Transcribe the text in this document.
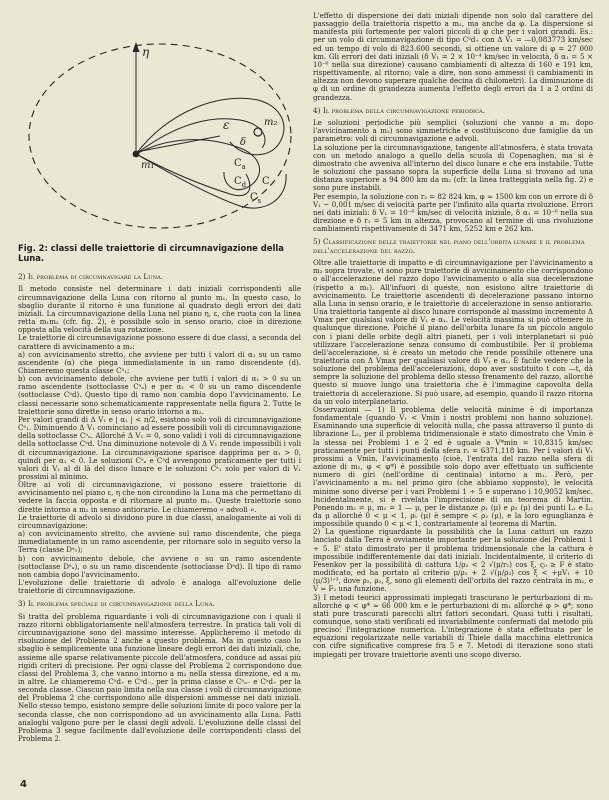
η
ε
m₁
m₂
δ
$C_a$
$C_d$ C
$C_s$
Fig. 2: classi delle traiettorie di circumnavigazione della Luna.

2) Il problema di circumnavigare la Luna.

Il metodo consiste nel determinare i dati iniziali corrispondenti alle circumnavigazione della Luna con ritorno al punto m₁. In questo caso, lo sbaglio durante il ritorno è una funzione al quadrato degli errori dei dati iniziali. La circumnavigazione della Luna nel piano η, ε, che ruota con la linea retta m₁m₂ (cfr. fig. 2), è possibile solo in senso orario, cioè in direzione opposta alla velocità della sua rotazione.

Le traiettorie di circumnavigazione possono essere di due classi, a seconda del carattere di avvicinamento a m₂:

a) con avvicinamento stretto, che avviene per tutti i valori di α₁ su un ramo ascendente (α) che piega immediatamente in un ramo discendente (d). Chiameremo questa classe Cᵃ₁;

b) con avvicinamento debole, che avviene per tutti i valori di α₁ > 0 su un ramo ascendente (sottoclasse Cᵃₐ) e per α₁ < 0 su un ramo discendente (sottoclasse Cᵃd). Questo tipo di ramo non cambia dopo l'avvicinamento. Le classi necessarie sono schematicamente rappresentate nella figura 2. Tutte le traiettorie sono dirette in senso orario intorno a m₂.

Per valori grandi di Δ V₁ e | α₁ | < π/2, esistono solo voli di circumnavigazione Cᵃ₁. Diminuendo Δ V₁ cominciano ad essere possibili voli di circumnavigazione della sottoclasse Cᵃₐ. Allorché Δ V₁ = 0, sono validi i voli di circumnavigazione della sottoclasse Cᵃd. Una diminuzione notevole di Δ V₁ rende impossibili i voli di circumnavigazione. La circumnavigazione sparisce dapprima per α₁ > 0, quindi per α₁ < 0. Le soluzioni Cᵃₐ e Cᵃd avvengono praticamente per tutti i valori di V₁ al di là del disco lunare e le soluzioni Cᵃ₁ solo per valori di V₁ prossimi al minimo.

Oltre ai voli di circumnavigazione, vi possono essere traiettorie di avvicinamento nel piano ε, η che non circondino la Luna ma che permettano di vedere la faccia opposta e di ritornare al punto m₁. Queste traiettorie sono dirette intorno a m₂ in senso antiorario. Le chiameremo « advoli ».

Le traiettorie di advolo si dividono pure in due classi, analogamente ai voli di circumnavigazione:

a) con avvicinamento stretto, che avviene sul ramo discendente, che piega immediatamente in un ramo ascendente, per ritornare solo in seguito verso la Terra (classe Dᵃ₁);

b) con avvicinamento debole, che avviene o su un ramo ascendente (sottoclasse Dᵃₐ), o su un ramo discendente (sottoclasse Dᵃd). Il tipo di ramo non cambia dopo l'avvicinamento.

L'evoluzione delle traiettorie di advolo è analoga all'evoluzione delle traiettorie di circumnavigazione.

3) Il problema speciale di circumnavigazione della Luna.

Si tratta del problema riguardante i voli di circumnavigazione con i quali il razzo ritorni obbligatoriamente nell'atmosfera terrestre. In pratica tali voli di circumnavigazione sono del massimo interesse. Applicheremo il metodo di risoluzione del Problema 2 anche a questo problema. Ma in questo caso lo sbaglio è semplicemente una funzione lineare degli errori dei dati iniziali, che, assieme alle sparse relativamente piccole dell'atmosfera, conduce ad assai più rigidi criteri di precisione. Per ogni classe del Problema 2 corrispondono due classi del Problema 3, che vanno intorno a m₂ nella stessa direzione, ed a m₁ in altre. Le chiameremo Cᵃd₊ e Cᵃd₋, per la prima classe e Cᵃₐ₋ e Cᵃd₊ per la seconda classe. Ciascun paio limita nella sua classe i voli di circumnavigazione del Problema 2 che corrispondono alle dispersioni ammesse nei dati iniziali. Nello stesso tempo, esistono sempre delle soluzioni limite di poco valore per la seconda classe, che non corrispondono ad un avvicinamento alla Luna. Fatti analoghi valgono pure per le classi degli advoli. L'evoluzione delle classi del Problema 3 segue facilmente dall'evoluzione delle corrispondenti classi del Problema 2.

L'effetto di dispersione dei dati iniziali dipende non solo dal carattere del passaggio della traiettoria rispetto a m₁, ma anche da φ. La dispersione si manifesta più fortemente per valori piccoli di φ che per i valori grandi. Es.: per un volo di circumnavigazione di tipo Cᵃd₊ con Δ V₁ = —0,083773 km/sec ed un tempo di volo di 823.600 secondi, si ottiene un valore di φ = 27 000 km. Gli errori dei dati iniziali (δ V₁ = 2 × 10⁻⁴ km/sec in velocità, δ α₁ = 5 × 10⁻⁶ nella sua direzione) causano cambiamenti di altezza di 160 e 191 km, rispettivamente, al ritorno; vale a dire, non sono ammessi (i cambiamenti in altezza non devono superare qualche decina di chilometri). La diminuzione di φ di un ordine di grandezza aumenta l'effetto degli errori da 1 a 2 ordini di grandezza.

4) Il problema della circumnavigazione periodica.

Le soluzioni periodiche più semplici (soluzioni che vanno a m₁ dopo l'avvicinamento a m₂) sono simmetriche e costituiscono due famiglie da un parametro: voli di circumnavigazione e advoli.

La soluzione per la circumnavigazione, tangente all'atmosfera, è stata trovata con un metodo analogo a quello della scuola di Copenaghen, ma si è dimostrato che avveniva all'interno del disco lunare e che era instabile. Tutte le soluzioni che passano sopra la superficie della Luna si trovano ad una distanza superiore a 94 800 km da m₂ (cfr. la linea tratteggiata nella fig. 2) e sono pure instabili.

Per esempio, la soluzione con r₂ = 82 824 km, φ ≈ 1500 km con un errore di δ V₁ ~ 0,001 m/sec di velocità parte per l'infinito alla quarta rivoluzione. Errori nei dati iniziali: δ V₁ = 10⁻⁶ km/sec di velocità iniziale, δ α₁ = 10⁻⁶ nella sua direzione e δ r₁ = 5 km in altezza, provocano al termine di una rivoluzione cambiamenti rispettivamente di 3471 km, 5252 km e 262 km.

5) Classificazione delle traiettorie nel piano dell'orbita lunare e il problema dell'accelerazione del razzo.

Oltre alle traiettorie di impatto e di circumnavigazione per l'avvicinamento a m₂ sopra trovate, vi sono pure traiettorie di avvicinamento che corrispondono o all'accelerazione del razzo dopo l'avvicinamento o alla sua decelerazione (rispetto a m₁). All'infuori di queste, non esistono altre traiettorie di avvicinamento. Le traiettorie ascendenti di decelerazione passano intorno alla Luna in senso orario, e le traiettorie di accelerazione in senso antiorario. Una traiettoria tangente al disco lunare corrisponde al massimo incremento Δ Vmax per qualsiasi valore di V₁ e α₁. Le velocità massima si può ottenere in qualunque direzione. Poiché il piano dell'orbita lunare fa un piccolo angolo con i piani delle orbite degli altri pianeti, per i voli interplanetari si può utilizzare l'accelerazione senza consumo di combustibile. Per il problema dell'accelerazione, si è creato un metodo che rende possibile ottenere una traiettoria con Δ Vmax per qualsiasi valore di V₁ e α₁. È facile vedere che la soluzione del problema dell'accelerazioni, dopo aver sostituito t con —t, dà sempre la soluzione del problema dello stesso frenamento del razzo, allorché questo si muove lungo una traiettoria che è l'immagine capovolta della traiettoria di accelerazione. Si può usare, ad esempio, quando il razzo ritorna da un volo interplanetario.

Osservazioni — 1) Il problema delle velocità minime è di importanza fondamentale (quando V₁ < Vmin i nostri problemi non hanno soluzione). Esaminando una superficie di velocità nulla, che passa attraverso il punto di librazione L₂, per il problema tridimensionale è stato dimostrato che Vmin è la stessa nei Problemi 1 e 2 ed è uguale a V*min = 10,8315 km/sec praticamente per tutti i punti della sfera r₁ = 6371,118 km. Per i valori di V₁ prossimi a Vmin, l'avvicinamento (cioè, l'entrata del razzo nella sfera di azione di m₂, φ < φ*) è possibile solo dopo aver effettuato un sufficiente numero di giri (nell'ordine di centinaia) intorno a m₁. Però, per l'avvicinamento a m₂ nel primo giro (che abbiamo supposto), le velocità minime sono diverse per i vari Problemi 1 ÷ 5 e superano i 10,9052 km/sec. Incidentalmente, si è rivelata l'imprecisione di un teorema di Martin. Ponendo m₂ = μ, m₁ = 1 — μ, per le distanze ρ₁ (μ) e ρ₂ (μ) dei punti L₁ e L₂ da μ allorché 0 < μ < 1, ρ₁ (μ) è sempre < ρ₂ (μ), e la loro eguaglianza è impossibile quando 0 < μ < 1, contrariamente al teorema di Martin.

2) La questione riguardante la possibilità che la Luna catturi un razzo lanciato dalla Terra è ovviamente importante per la soluzione dei Problemi 1 ÷ 5. E' stato dimostrato per il problema tridimensionale che la cattura è impossibile indifferentemente dai dati iniziali. Incidentalmente, il criterio di Fesenkov per la possibilità di cattura 1/ρ₂ < 2 √(μ/r₂) cos ξ, ς₀ ≥ F è stato modificato, ed ha portato al criterio μ/ρ₂ + 2 √(μ/ρ₂) cos ξ < +μV₁ + 10 (μ/3)¹ᐟ³, dove ρ₂, ρ₂, ξ, sono gli elementi dell'orbita del razzo centrata in m₂, e V ≈ F₂ una funzione.

3) I metodi teorici approssimati impiegati trascurano le perturbazioni di m₂ allorché φ < φ* ≈ 66 000 km e le perturbazioni di m₁ allorché φ > φ*; sono stati pure trascurati parecchi altri fattori secondari. Quasi tutti i risultati, comunque, sono stati verificati ed invariabilmente confermati dal metodo più preciso: l'integrazione numerica. L'integrazione è stata effettuata per le equazioni regolarizzate nelle variabili di Thiele dalla macchina elettronica con cifre significative comprese fra 5 e 7. Metodi di iterazione sono stati impiegati per trovare traiettorie aventi uno scopo diverso.

4
